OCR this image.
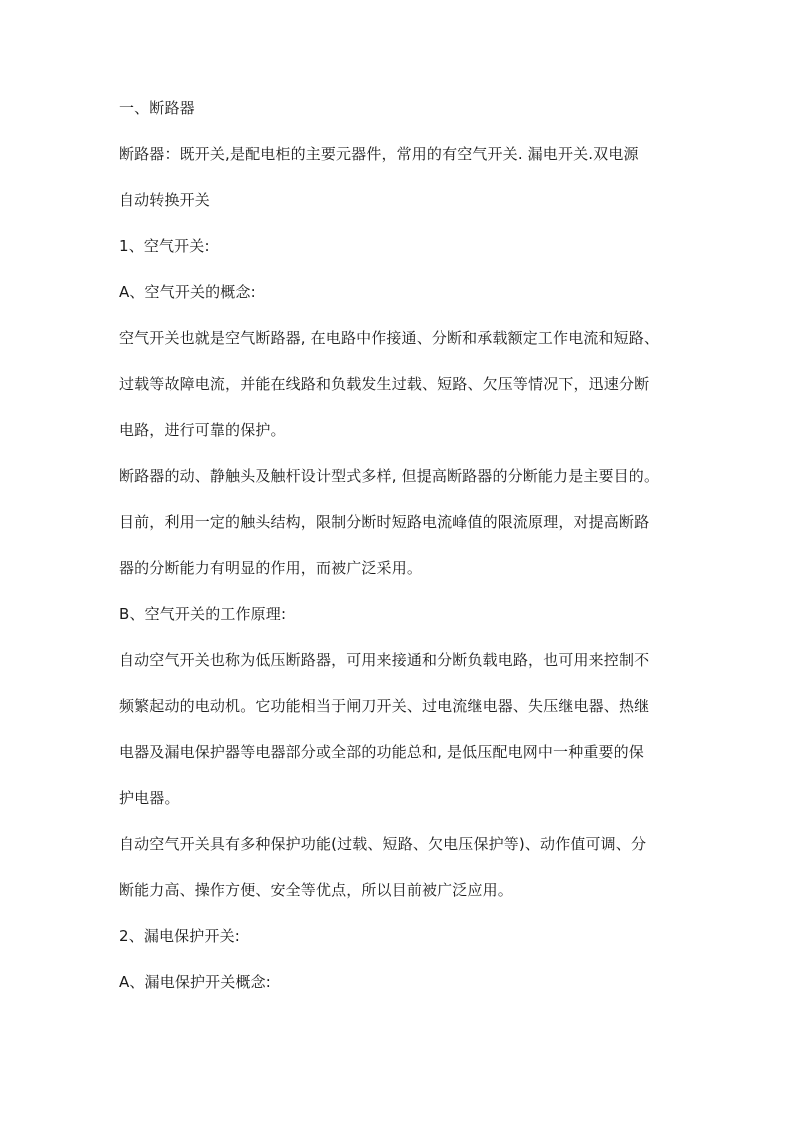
一、断路器
断路器：既开关,是配电柜的主要元器件，常用的有空气开关. 漏电开关.双电源
自动转换开关
1、空气开关:
A、空气开关的概念:
空气开关也就是空气断路器, 在电路中作接通、分断和承载额定工作电流和短路、
过载等故障电流，并能在线路和负载发生过载、短路、欠压等情况下，迅速分断
电路，进行可靠的保护。
断路器的动、静触头及触杆设计型式多样, 但提高断路器的分断能力是主要目的。
目前，利用一定的触头结构，限制分断时短路电流峰值的限流原理，对提高断路
器的分断能力有明显的作用，而被广泛采用。
B、空气开关的工作原理:
自动空气开关也称为低压断路器，可用来接通和分断负载电路，也可用来控制不
频繁起动的电动机。它功能相当于闸刀开关、过电流继电器、失压继电器、热继
电器及漏电保护器等电器部分或全部的功能总和, 是低压配电网中一种重要的保
护电器。
自动空气开关具有多种保护功能(过载、短路、欠电压保护等)、动作值可调、分
断能力高、操作方便、安全等优点，所以目前被广泛应用。
2、漏电保护开关:
A、漏电保护开关概念:
